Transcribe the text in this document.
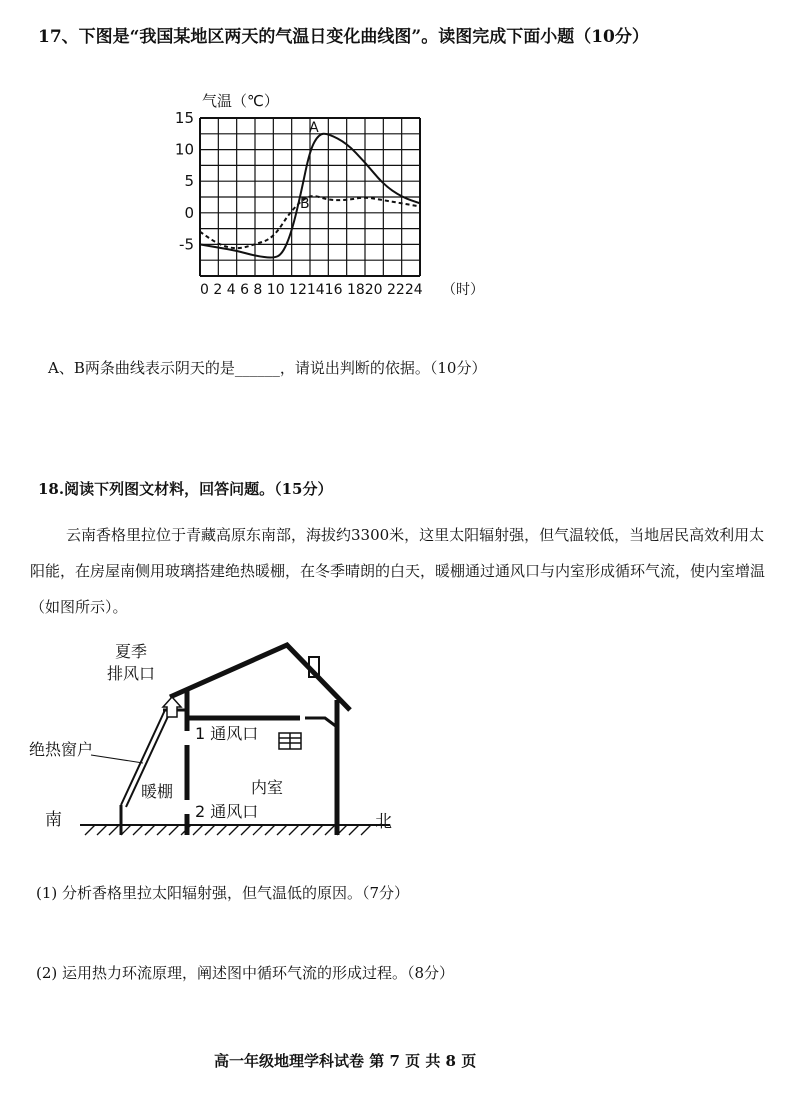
17、下图是“我国某地区两天的气温日变化曲线图”。读图完成下面小题（10分）
气温（℃）
15
10
5
0
-5
A
B
0 2 4 6 8 10 121416 1820 2224 （时）
A、B两条曲线表示阴天的是______，请说出判断的依据。（10分）
18.阅读下列图文材料，回答问题。（15分）
云南香格里拉位于青藏高原东南部，海拔约3300米，这里太阳辐射强，但气温较低，当地居民高效利用太阳能，在房屋南侧用玻璃搭建绝热暖棚，在冬季晴朗的白天，暖棚通过通风口与内室形成循环气流，使内室增温（如图所示）。
夏季
排风口
绝热窗户
1 通风口
2 通风口
暖棚	内室
南	北
(1) 分析香格里拉太阳辐射强，但气温低的原因。（7分）
(2) 运用热力环流原理，阐述图中循环气流的形成过程。（8分）
高一年级地理学科试卷 第 7 页 共 8 页
